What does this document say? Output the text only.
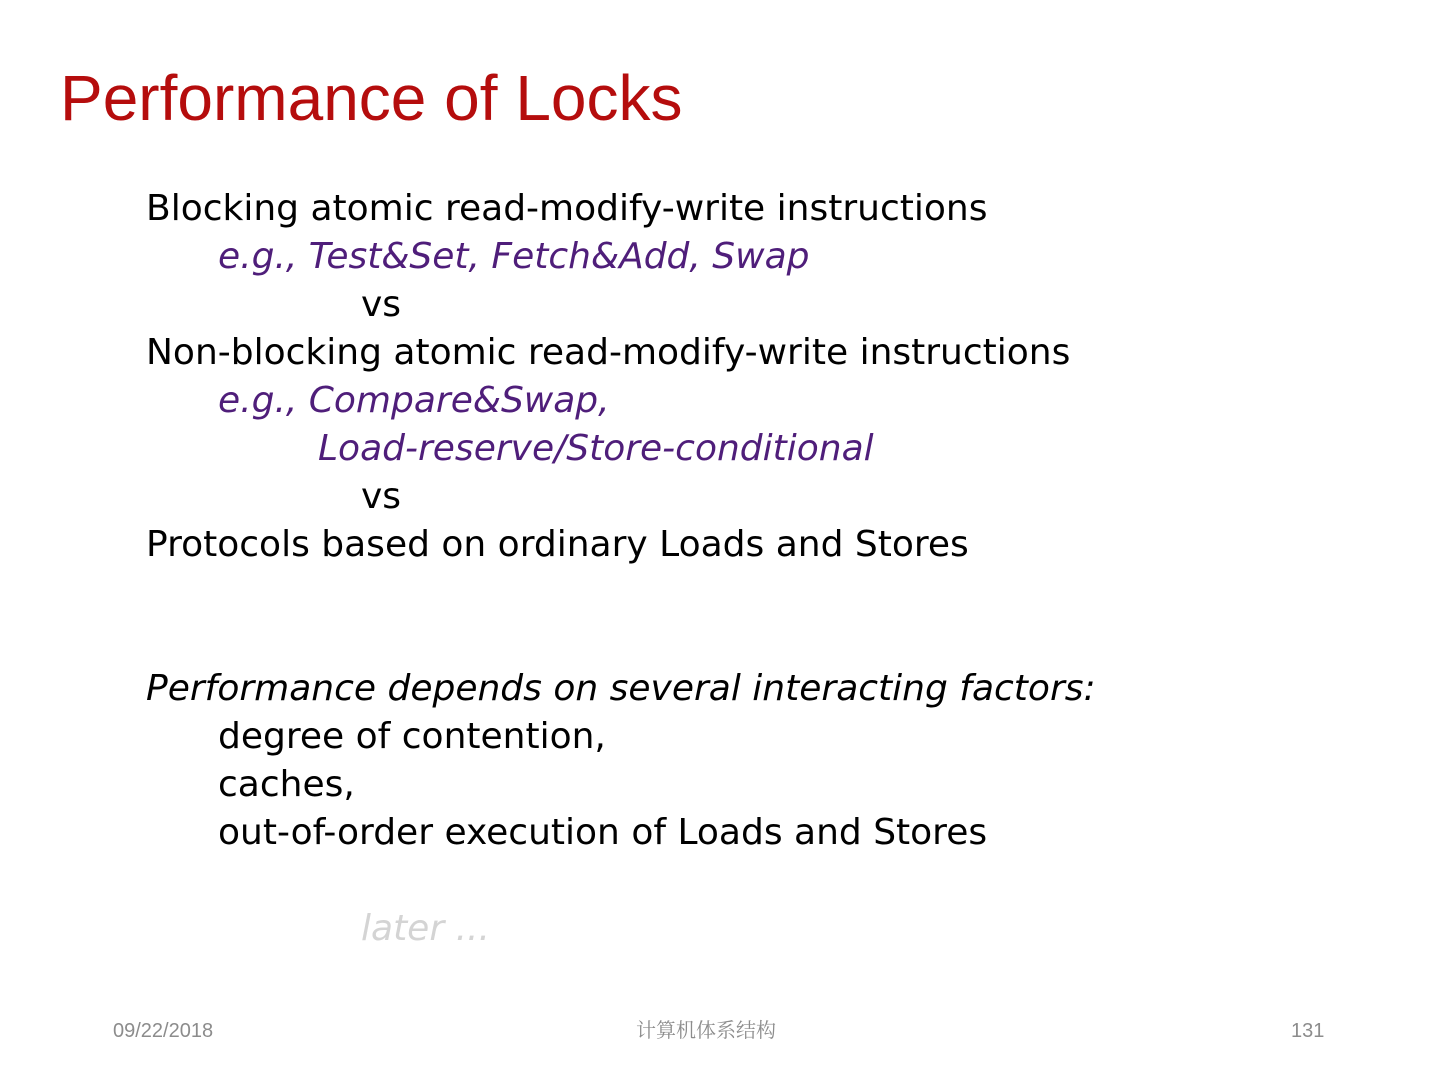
Performance of Locks
Blocking atomic read-modify-write instructions
e.g., Test&Set, Fetch&Add, Swap
vs
Non-blocking atomic read-modify-write instructions
e.g., Compare&Swap,
Load-reserve/Store-conditional
vs
Protocols based on ordinary Loads and Stores
Performance depends on several interacting factors:
degree of contention,
caches,
out-of-order execution of Loads and Stores
later ...
09/22/2018	计算机体系结构	131
